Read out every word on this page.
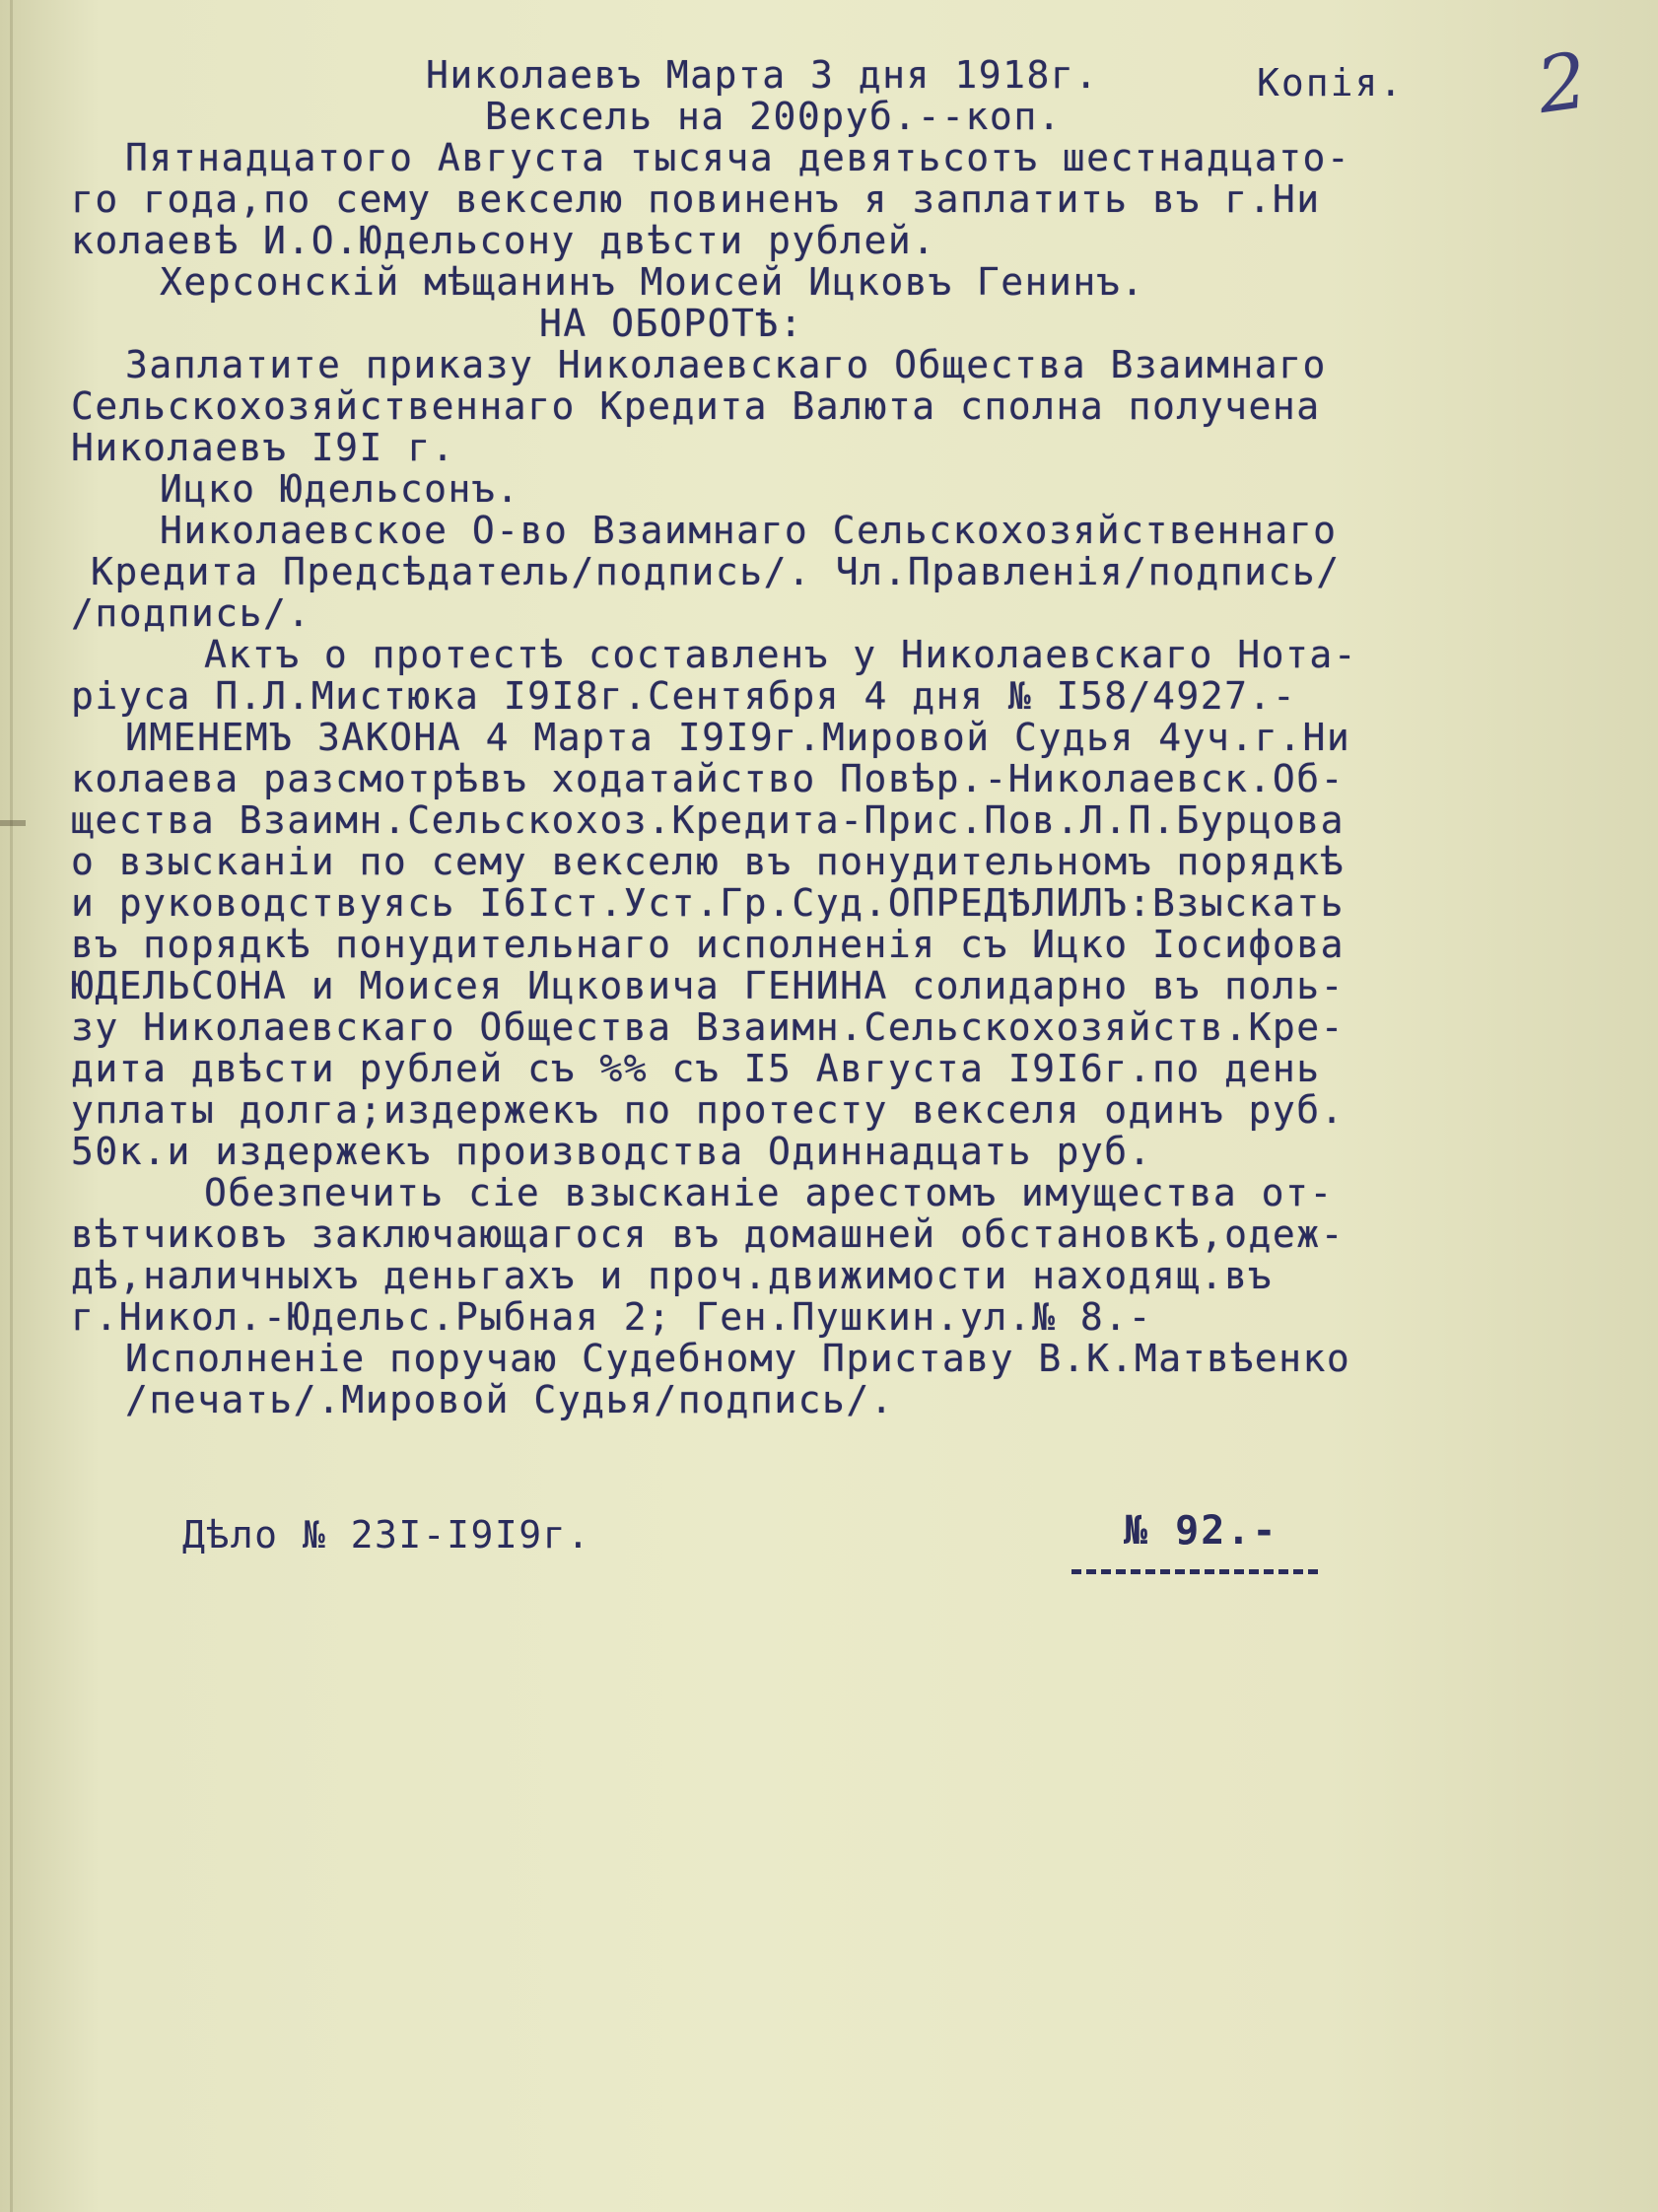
Копія. 2
Николаевъ Марта 3 дня 1918г.
Вексель на 200руб.--коп.
Пятнадцатого Августа тысяча девятьсотъ шестнадцато-
го года,по сему векселю повиненъ я заплатить въ г.Ни
колаевѣ И.О.Юдельсону двѣсти рублей.
Херсонскій мѣщанинъ Моисей Ицковъ Генинъ.
НА ОБОРОТѢ:
Заплатите приказу Николаевскаго Общества Взаимнаго
Сельскохозяйственнаго Кредита Валюта сполна получена
Николаевъ I9I г.
Ицко Юдельсонъ.
Николаевское О-во Взаимнаго Сельскохозяйственнаго
Кредита Предсѣдатель/подпись/. Чл.Правленія/подпись/
/подпись/.
Актъ о протестѣ составленъ у Николаевскаго Нота-
ріуса П.Л.Мистюка I9I8г.Сентября 4 дня № I58/4927.-
ИМЕНЕМЪ ЗАКОНА 4 Марта I9I9г.Мировой Судья 4уч.г.Ни
колаева разсмотрѣвъ ходатайство Повѣр.-Николаевск.Об-
щества Взаимн.Сельскохоз.Кредита-Прис.Пов.Л.П.Бурцова
о взысканіи по сему векселю въ понудительномъ порядкѣ
и руководствуясь I6Iст.Уст.Гр.Суд.ОПРЕДѢЛИЛЪ:Взыскать
въ порядкѣ понудительнаго исполненія съ Ицко Іосифова
ЮДЕЛЬСОНА и Моисея Ицковича ГЕНИНА солидарно въ поль-
зу Николаевскаго Общества Взаимн.Сельскохозяйств.Кре-
дита двѣсти рублей съ %% съ I5 Августа I9I6г.по день
уплаты долга;издержекъ по протесту векселя одинъ руб.
50к.и издержекъ производства Одиннадцать руб.
Обезпечить сіе взысканіе арестомъ имущества от-
вѣтчиковъ заключающагося въ домашней обстановкѣ,одеж-
дѣ,наличныхъ деньгахъ и проч.движимости находящ.въ
г.Никол.-Юдельс.Рыбная 2; Ген.Пушкин.ул.№ 8.-
Исполненіе поручаю Судебному Приставу В.К.Матвѣенко
/печать/.Мировой Судья/подпись/.
Дѣло № 23I-I9I9г.	№ 92.-
